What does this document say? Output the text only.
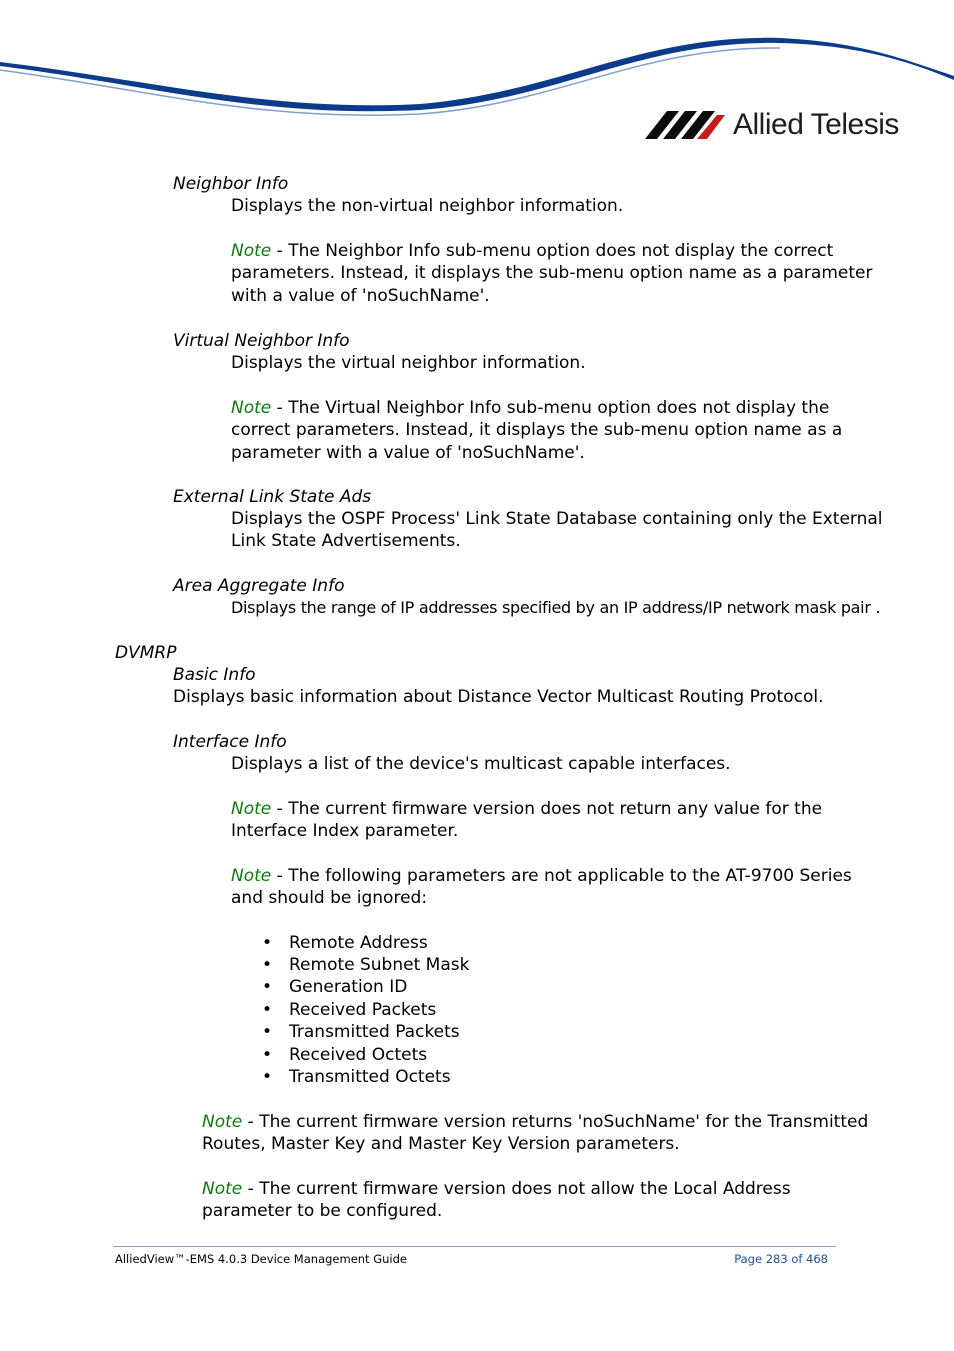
Allied Telesis
Neighbor Info
Displays the non-virtual neighbor information.
Note - The Neighbor Info sub-menu option does not display the correct
parameters. Instead, it displays the sub-menu option name as a parameter
with a value of 'noSuchName'.
Virtual Neighbor Info
Displays the virtual neighbor information.
Note - The Virtual Neighbor Info sub-menu option does not display the
correct parameters. Instead, it displays the sub-menu option name as a
parameter with a value of 'noSuchName'.
External Link State Ads
Displays the OSPF Process' Link State Database containing only the External
Link State Advertisements.
Area Aggregate Info
Displays the range of IP addresses specified by an IP address/IP network mask pair .
DVMRP
Basic Info
Displays basic information about Distance Vector Multicast Routing Protocol.
Interface Info
Displays a list of the device's multicast capable interfaces.
Note - The current firmware version does not return any value for the
Interface Index parameter.
Note - The following parameters are not applicable to the AT-9700 Series
and should be ignored:
• Remote Address
• Remote Subnet Mask
• Generation ID
• Received Packets
• Transmitted Packets
• Received Octets
• Transmitted Octets
Note - The current firmware version returns 'noSuchName' for the Transmitted
Routes, Master Key and Master Key Version parameters.
Note - The current firmware version does not allow the Local Address
parameter to be configured.
AlliedView™-EMS 4.0.3 Device Management Guide	Page 283 of 468
